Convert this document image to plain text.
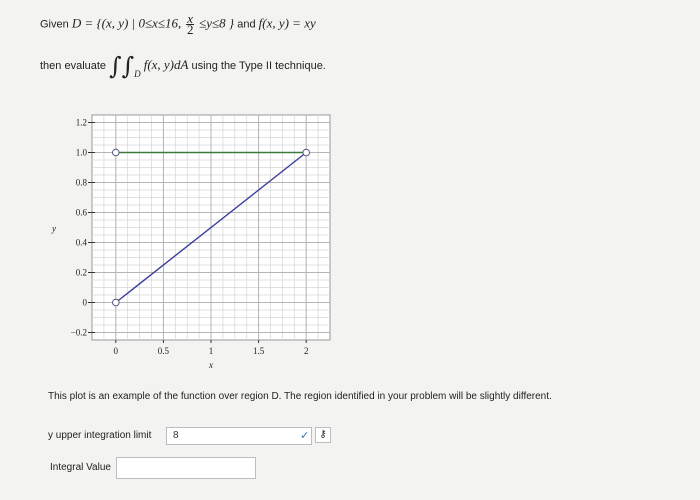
Given D = {(x, y) | 0≤x≤16, $\frac{x}{2} \le y\le 8$ } and f(x, y) = xy
then evaluate $\int\int_D$ f(x, y)dA using the Type II technique.
−0.2
0
0.2
0.4
0.6
0.8
1.0
1.2
0	0.5	1	1.5	2
x
y
This plot is an example of the function over region D. The region identified in your problem will be slightly different.
y upper integration limit	8	✓	⚷
Integral Value
